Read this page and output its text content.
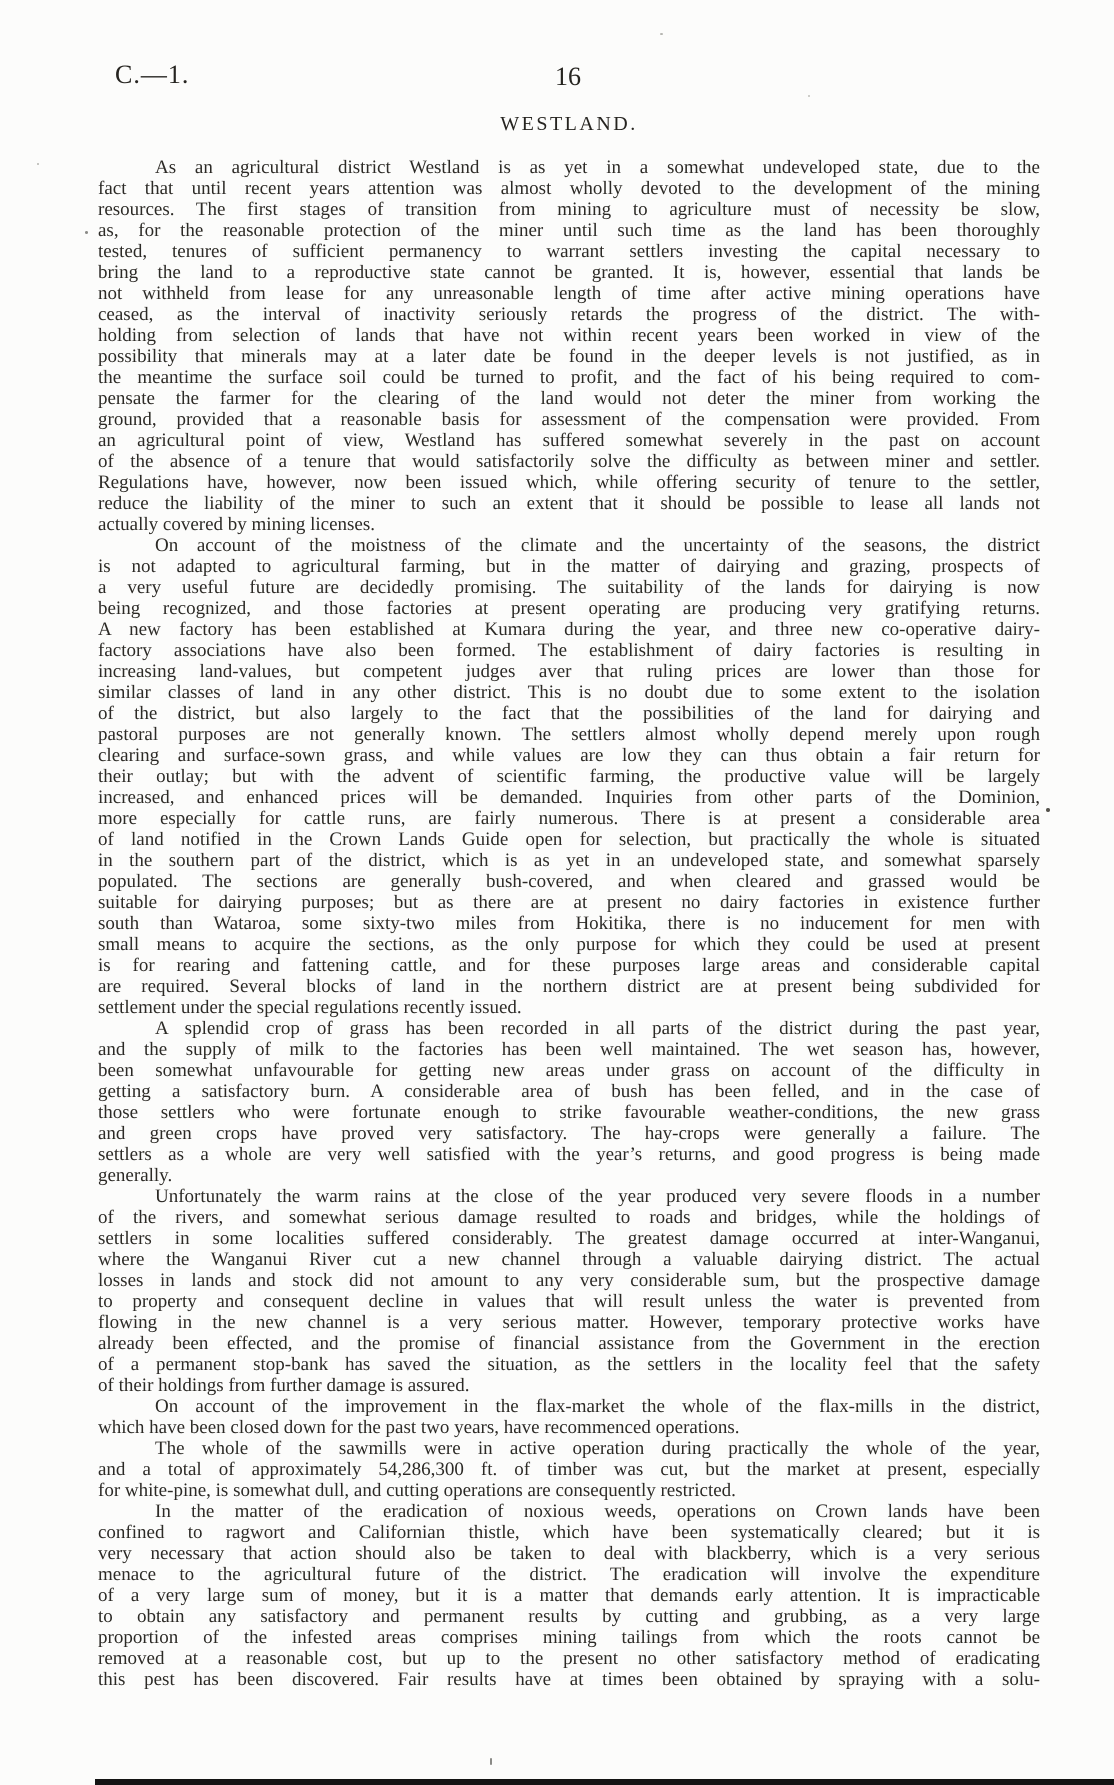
C.—1.	16
WESTLAND.
As an agricultural district Westland is as yet in a somewhat undeveloped state, due to the
fact that until recent years attention was almost wholly devoted to the development of the mining
resources. The first stages of transition from mining to agriculture must of necessity be slow,
as, for the reasonable protection of the miner until such time as the land has been thoroughly
tested, tenures of sufficient permanency to warrant settlers investing the capital necessary to
bring the land to a reproductive state cannot be granted. It is, however, essential that lands be
not withheld from lease for any unreasonable length of time after active mining operations have
ceased, as the interval of inactivity seriously retards the progress of the district. The with-
holding from selection of lands that have not within recent years been worked in view of the
possibility that minerals may at a later date be found in the deeper levels is not justified, as in
the meantime the surface soil could be turned to profit, and the fact of his being required to com-
pensate the farmer for the clearing of the land would not deter the miner from working the
ground, provided that a reasonable basis for assessment of the compensation were provided. From
an agricultural point of view, Westland has suffered somewhat severely in the past on account
of the absence of a tenure that would satisfactorily solve the difficulty as between miner and settler.
Regulations have, however, now been issued which, while offering security of tenure to the settler,
reduce the liability of the miner to such an extent that it should be possible to lease all lands not
actually covered by mining licenses.
On account of the moistness of the climate and the uncertainty of the seasons, the district
is not adapted to agricultural farming, but in the matter of dairying and grazing, prospects of
a very useful future are decidedly promising. The suitability of the lands for dairying is now
being recognized, and those factories at present operating are producing very gratifying returns.
A new factory has been established at Kumara during the year, and three new co-operative dairy-
factory associations have also been formed. The establishment of dairy factories is resulting in
increasing land-values, but competent judges aver that ruling prices are lower than those for
similar classes of land in any other district. This is no doubt due to some extent to the isolation
of the district, but also largely to the fact that the possibilities of the land for dairying and
pastoral purposes are not generally known. The settlers almost wholly depend merely upon rough
clearing and surface-sown grass, and while values are low they can thus obtain a fair return for
their outlay; but with the advent of scientific farming, the productive value will be largely
increased, and enhanced prices will be demanded. Inquiries from other parts of the Dominion,
more especially for cattle runs, are fairly numerous. There is at present a considerable area
of land notified in the Crown Lands Guide open for selection, but practically the whole is situated
in the southern part of the district, which is as yet in an undeveloped state, and somewhat sparsely
populated. The sections are generally bush-covered, and when cleared and grassed would be
suitable for dairying purposes; but as there are at present no dairy factories in existence further
south than Wataroa, some sixty-two miles from Hokitika, there is no inducement for men with
small means to acquire the sections, as the only purpose for which they could be used at present
is for rearing and fattening cattle, and for these purposes large areas and considerable capital
are required. Several blocks of land in the northern district are at present being subdivided for
settlement under the special regulations recently issued.
A splendid crop of grass has been recorded in all parts of the district during the past year,
and the supply of milk to the factories has been well maintained. The wet season has, however,
been somewhat unfavourable for getting new areas under grass on account of the difficulty in
getting a satisfactory burn. A considerable area of bush has been felled, and in the case of
those settlers who were fortunate enough to strike favourable weather-conditions, the new grass
and green crops have proved very satisfactory. The hay-crops were generally a failure. The
settlers as a whole are very well satisfied with the year’s returns, and good progress is being made
generally.
Unfortunately the warm rains at the close of the year produced very severe floods in a number
of the rivers, and somewhat serious damage resulted to roads and bridges, while the holdings of
settlers in some localities suffered considerably. The greatest damage occurred at inter-Wanganui,
where the Wanganui River cut a new channel through a valuable dairying district. The actual
losses in lands and stock did not amount to any very considerable sum, but the prospective damage
to property and consequent decline in values that will result unless the water is prevented from
flowing in the new channel is a very serious matter. However, temporary protective works have
already been effected, and the promise of financial assistance from the Government in the erection
of a permanent stop-bank has saved the situation, as the settlers in the locality feel that the safety
of their holdings from further damage is assured.
On account of the improvement in the flax-market the whole of the flax-mills in the district,
which have been closed down for the past two years, have recommenced operations.
The whole of the sawmills were in active operation during practically the whole of the year,
and a total of approximately 54,286,300 ft. of timber was cut, but the market at present, especially
for white-pine, is somewhat dull, and cutting operations are consequently restricted.
In the matter of the eradication of noxious weeds, operations on Crown lands have been
confined to ragwort and Californian thistle, which have been systematically cleared; but it is
very necessary that action should also be taken to deal with blackberry, which is a very serious
menace to the agricultural future of the district. The eradication will involve the expenditure
of a very large sum of money, but it is a matter that demands early attention. It is impracticable
to obtain any satisfactory and permanent results by cutting and grubbing, as a very large
proportion of the infested areas comprises mining tailings from which the roots cannot be
removed at a reasonable cost, but up to the present no other satisfactory method of eradicating
this pest has been discovered. Fair results have at times been obtained by spraying with a solu-
